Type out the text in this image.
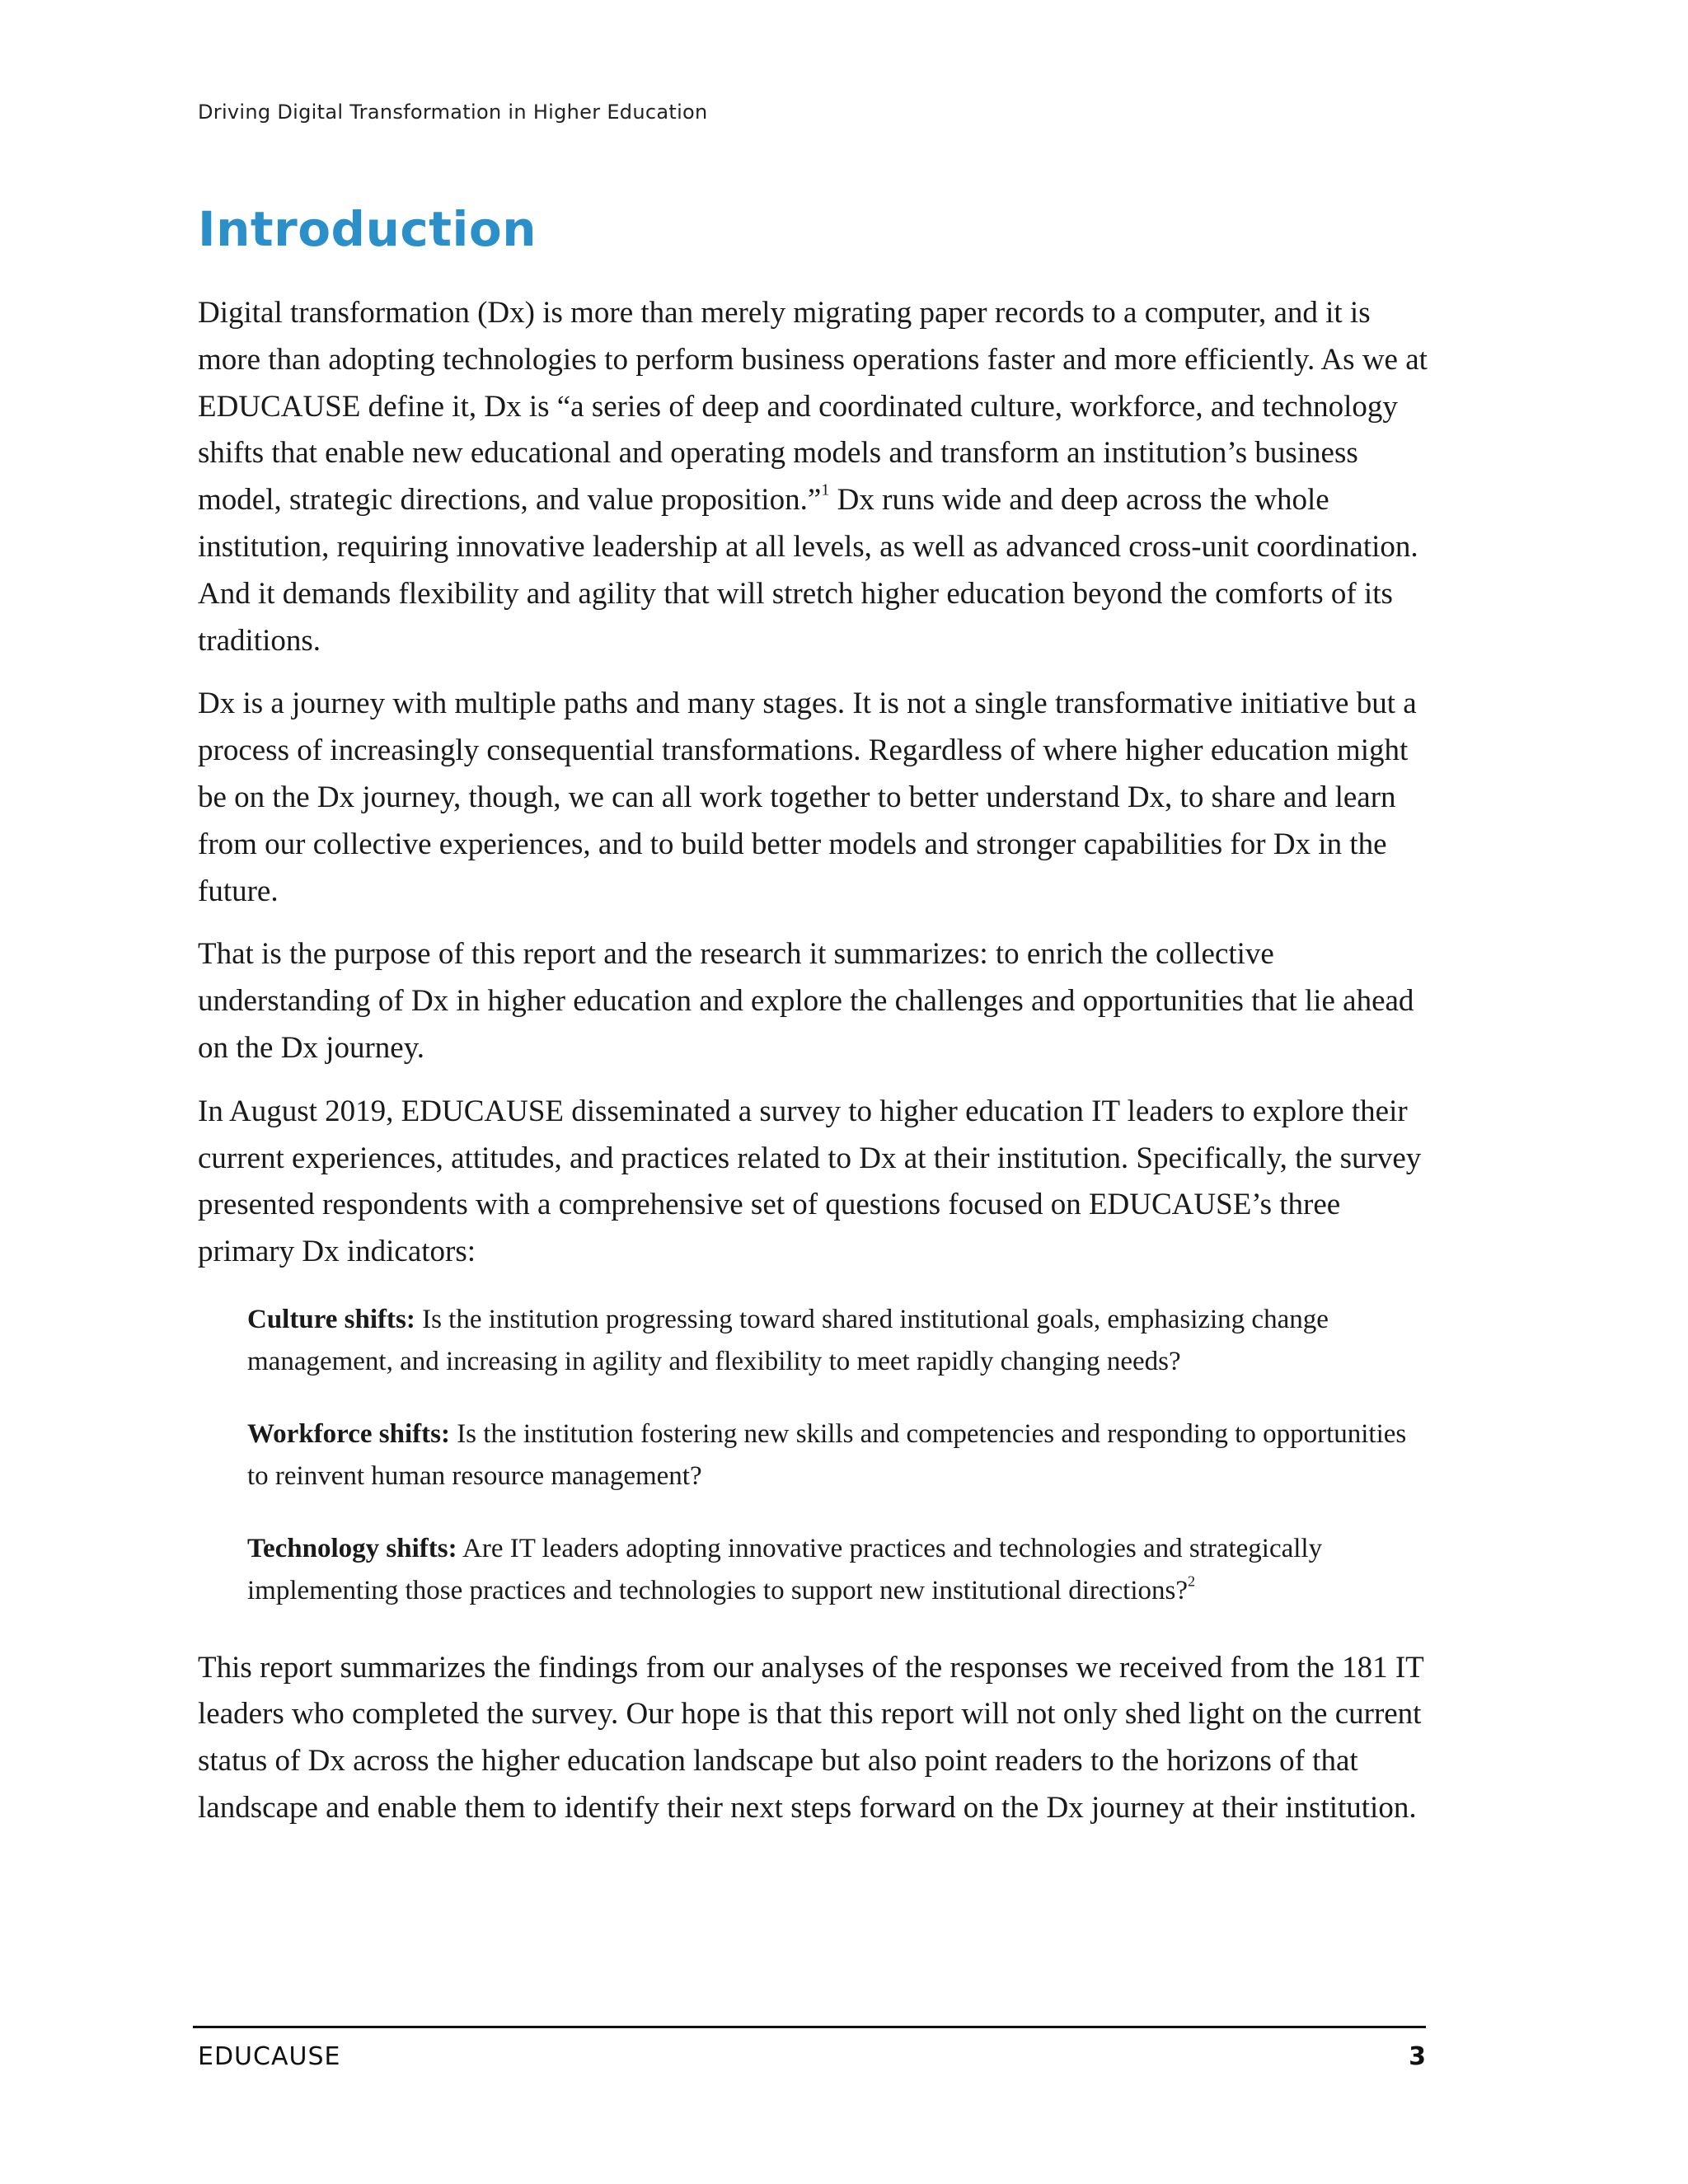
Driving Digital Transformation in Higher Education
Introduction

Digital transformation (Dx) is more than merely migrating paper records to a computer, and it is more than adopting technologies to perform business operations faster and more efficiently. As we at EDUCAUSE define it, Dx is “a series of deep and coordinated culture, workforce, and technology shifts that enable new educational and operating models and transform an institution’s business model, strategic directions, and value proposition.”$^1$ Dx runs wide and deep across the whole institution, requiring innovative leadership at all levels, as well as advanced cross-unit coordination. And it demands flexibility and agility that will stretch higher education beyond the comforts of its traditions.

Dx is a journey with multiple paths and many stages. It is not a single transformative initiative but a process of increasingly consequential transformations. Regardless of where higher education might be on the Dx journey, though, we can all work together to better understand Dx, to share and learn from our collective experiences, and to build better models and stronger capabilities for Dx in the future.

That is the purpose of this report and the research it summarizes: to enrich the collective understanding of Dx in higher education and explore the challenges and opportunities that lie ahead on the Dx journey.

In August 2019, EDUCAUSE disseminated a survey to higher education IT leaders to explore their current experiences, attitudes, and practices related to Dx at their institution. Specifically, the survey presented respondents with a comprehensive set of questions focused on EDUCAUSE’s three primary Dx indicators:

Culture shifts: Is the institution progressing toward shared institutional goals, emphasizing change management, and increasing in agility and flexibility to meet rapidly changing needs?
Workforce shifts: Is the institution fostering new skills and competencies and responding to opportunities to reinvent human resource management?
Technology shifts: Are IT leaders adopting innovative practices and technologies and strategically implementing those practices and technologies to support new institutional directions?$^2$

This report summarizes the findings from our analyses of the responses we received from the 181 IT leaders who completed the survey. Our hope is that this report will not only shed light on the current status of Dx across the higher education landscape but also point readers to the horizons of that landscape and enable them to identify their next steps forward on the Dx journey at their institution.

EDUCAUSE	3
